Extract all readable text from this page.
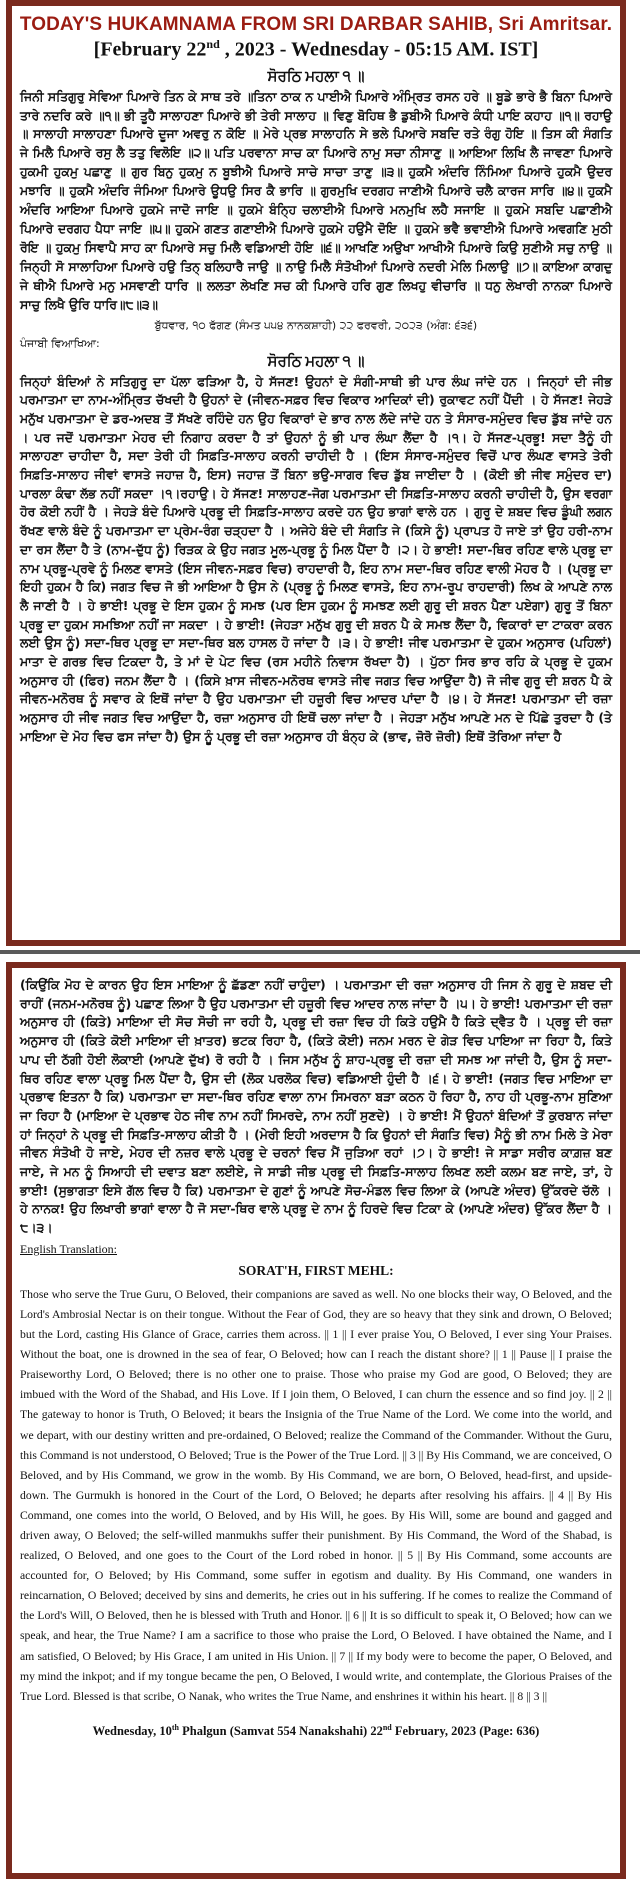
TODAY'S HUKAMNAMA FROM SRI DARBAR SAHIB, Sri Amritsar.
[February 22nd , 2023 - Wednesday - 05:15 AM. IST]
ਸੋਰਠਿ ਮਹਲਾ ੧ ॥

ਜਿਨੀ ਸਤਿਗੁਰੁ ਸੇਵਿਆ ਪਿਆਰੇ ਤਿਨ ਕੇ ਸਾਥ ਤਰੇ ॥ਤਿਨਾ ਠਾਕ ਨ ਪਾਈਐ ਪਿਆਰੇ ਅੰਮ੍ਰਿਤ ਰਸਨ ਹਰੇ ॥ ਬੂਡੇ ਭਾਰੇ ਭੈ ਬਿਨਾ ਪਿਆਰੇ ਤਾਰੇ ਨਦਰਿ ਕਰੇ ॥੧॥ ਭੀ ਤੂਹੈ ਸਾਲਾਹਣਾ ਪਿਆਰੇ ਭੀ ਤੇਰੀ ਸਾਲਾਹ ॥ ਵਿਣੁ ਬੋਹਿਥ ਭੈ ਡੁਬੀਐ ਪਿਆਰੇ ਕੰਧੀ ਪਾਇ ਕਹਾਹ ॥੧॥ ਰਹਾਉ ॥ ਸਾਲਾਹੀ ਸਾਲਾਹਣਾ ਪਿਆਰੇ ਦੂਜਾ ਅਵਰੁ ਨ ਕੋਇ ॥ ਮੇਰੇ ਪ੍ਰਭ ਸਾਲਾਹਨਿ ਸੇ ਭਲੇ ਪਿਆਰੇ ਸਬਦਿ ਰਤੇ ਰੰਗੁ ਹੋਇ ॥ ਤਿਸ ਕੀ ਸੰਗਤਿ ਜੇ ਮਿਲੈ ਪਿਆਰੇ ਰਸੁ ਲੈ ਤਤੁ ਵਿਲੋਇ ॥੨॥ ਪਤਿ ਪਰਵਾਨਾ ਸਾਚ ਕਾ ਪਿਆਰੇ ਨਾਮੁ ਸਚਾ ਨੀਸਾਣੁ ॥ ਆਇਆ ਲਿਖਿ ਲੈ ਜਾਵਣਾ ਪਿਆਰੇ ਹੁਕਮੀ ਹੁਕਮੁ ਪਛਾਣੁ ॥ ਗੁਰ ਬਿਨੁ ਹੁਕਮੁ ਨ ਬੂਝੀਐ ਪਿਆਰੇ ਸਾਚੇ ਸਾਚਾ ਤਾਣੁ ॥੩॥ ਹੁਕਮੈ ਅੰਦਰਿ ਨਿੰਮਿਆ ਪਿਆਰੇ ਹੁਕਮੈ ਉਦਰ ਮਝਾਰਿ ॥ ਹੁਕਮੈ ਅੰਦਰਿ ਜੰਮਿਆ ਪਿਆਰੇ ਊਧਉ ਸਿਰ ਕੈ ਭਾਰਿ ॥ ਗੁਰਮੁਖਿ ਦਰਗਹ ਜਾਣੀਐ ਪਿਆਰੇ ਚਲੈ ਕਾਰਜ ਸਾਰਿ ॥੪॥ ਹੁਕਮੈ ਅੰਦਰਿ ਆਇਆ ਪਿਆਰੇ ਹੁਕਮੇ ਜਾਦੋ ਜਾਇ ॥ ਹੁਕਮੇ ਬੰਨ੍ਹਿ ਚਲਾਈਐ ਪਿਆਰੇ ਮਨਮੁਖਿ ਲਹੈ ਸਜਾਇ ॥ ਹੁਕਮੇ ਸਬਦਿ ਪਛਾਣੀਐ ਪਿਆਰੇ ਦਰਗਹ ਪੈਧਾ ਜਾਇ ॥੫॥ ਹੁਕਮੇ ਗਣਤ ਗਣਾਈਐ ਪਿਆਰੇ ਹੁਕਮੇ ਹਉਮੈ ਦੋਇ ॥ ਹੁਕਮੇ ਭਵੈ ਭਵਾਈਐ ਪਿਆਰੇ ਅਵਗਣਿ ਮੁਠੀ ਰੋਇ ॥ ਹੁਕਮੁ ਸਿਞਾਪੈ ਸਾਹ ਕਾ ਪਿਆਰੇ ਸਚੁ ਮਿਲੈ ਵਡਿਆਈ ਹੋਇ ॥੬॥ ਆਖਣਿ ਅਉਖਾ ਆਖੀਐ ਪਿਆਰੇ ਕਿਉ ਸੁਣੀਐ ਸਚੁ ਨਾਉ ॥ ਜਿਨ੍ਹੀ ਸੋ ਸਾਲਾਹਿਆ ਪਿਆਰੇ ਹਉ ਤਿਨ੍ ਬਲਿਹਾਰੈ ਜਾਉ ॥ ਨਾਉ ਮਿਲੈ ਸੰਤੋਖੀਆਂ ਪਿਆਰੇ ਨਦਰੀ ਮੇਲਿ ਮਿਲਾਉ ॥੭॥ ਕਾਇਆ ਕਾਗਦੁ ਜੇ ਥੀਐ ਪਿਆਰੇ ਮਨੁ ਮਸਵਾਣੀ ਧਾਰਿ ॥ ਲਲਤਾ ਲੇਖਣਿ ਸਚ ਕੀ ਪਿਆਰੇ ਹਰਿ ਗੁਣ ਲਿਖਹੁ ਵੀਚਾਰਿ ॥ ਧਨੁ ਲੇਖਾਰੀ ਨਾਨਕਾ ਪਿਆਰੇ ਸਾਚੁ ਲਿਖੈ ਉਰਿ ਧਾਰਿ॥੮॥੩॥

ਬੁੱਧਵਾਰ, ੧੦ ਫੱਗਣ (ਸੰਮਤ ੫੫੪ ਨਾਨਕਸ਼ਾਹੀ) ੨੨ ਫਰਵਰੀ, ੨੦੨੩ (ਅੰਗ: ੬੩੬)
ਪੰਜਾਬੀ ਵਿਆਖਿਆ:
ਸੋਰਠਿ ਮਹਲਾ ੧ ॥

ਜਿਨ੍ਹਾਂ ਬੰਦਿਆਂ ਨੇ ਸਤਿਗੁਰੂ ਦਾ ਪੱਲਾ ਫੜਿਆ ਹੈ, ਹੇ ਸੱਜਣ! ਉਹਨਾਂ ਦੇ ਸੰਗੀ-ਸਾਥੀ ਭੀ ਪਾਰ ਲੰਘ ਜਾਂਦੇ ਹਨ । ਜਿਨ੍ਹਾਂ ਦੀ ਜੀਭ ਪਰਮਾਤਮਾ ਦਾ ਨਾਮ-ਅੰਮ੍ਰਿਤ ਚੱਖਦੀ ਹੈ ਉਹਨਾਂ ਦੇ (ਜੀਵਨ-ਸਫ਼ਰ ਵਿਚ ਵਿਕਾਰ ਆਦਿਕਾਂ ਦੀ) ਰੁਕਾਵਟ ਨਹੀਂ ਪੈਂਦੀ । ਹੇ ਸੱਜਣ! ਜੇਹੜੇ ਮਨੁੱਖ ਪਰਮਾਤਮਾ ਦੇ ਡਰ-ਅਦਬ ਤੋਂ ਸੱਖਣੇ ਰਹਿੰਦੇ ਹਨ ਉਹ ਵਿਕਾਰਾਂ ਦੇ ਭਾਰ ਨਾਲ ਲੱਦੇ ਜਾਂਦੇ ਹਨ ਤੇ ਸੰਸਾਰ-ਸਮੁੰਦਰ ਵਿਚ ਡੁੱਬ ਜਾਂਦੇ ਹਨ । ਪਰ ਜਦੋਂ ਪਰਮਾਤਮਾ ਮੇਹਰ ਦੀ ਨਿਗਾਹ ਕਰਦਾ ਹੈ ਤਾਂ ਉਹਨਾਂ ਨੂੰ ਭੀ ਪਾਰ ਲੰਘਾ ਲੈਂਦਾ ਹੈ ।੧। ਹੇ ਸੱਜਣ-ਪ੍ਰਭੂ! ਸਦਾ ਤੈਨੂੰ ਹੀ ਸਾਲਾਹਣਾ ਚਾਹੀਦਾ ਹੈ, ਸਦਾ ਤੇਰੀ ਹੀ ਸਿਫ਼ਤਿ-ਸਾਲਾਹ ਕਰਨੀ ਚਾਹੀਦੀ ਹੈ । (ਇਸ ਸੰਸਾਰ-ਸਮੁੰਦਰ ਵਿਚੋਂ ਪਾਰ ਲੰਘਣ ਵਾਸਤੇ ਤੇਰੀ ਸਿਫ਼ਤਿ-ਸਾਲਾਹ ਜੀਵਾਂ ਵਾਸਤੇ ਜਹਾਜ਼ ਹੈ, ਇਸ) ਜਹਾਜ਼ ਤੋਂ ਬਿਨਾ ਭਉ-ਸਾਗਰ ਵਿਚ ਡੁੱਬ ਜਾਈਦਾ ਹੈ । (ਕੋਈ ਭੀ ਜੀਵ ਸਮੁੰਦਰ ਦਾ) ਪਾਰਲਾ ਕੰਢਾ ਲੱਭ ਨਹੀਂ ਸਕਦਾ ।੧।ਰਹਾਉ। ਹੇ ਸੱਜਣ! ਸਾਲਾਹਣ-ਜੋਗ ਪਰਮਾਤਮਾ ਦੀ ਸਿਫ਼ਤਿ-ਸਾਲਾਹ ਕਰਨੀ ਚਾਹੀਦੀ ਹੈ, ਉਸ ਵਰਗਾ ਹੋਰ ਕੋਈ ਨਹੀਂ ਹੈ । ਜੇਹੜੇ ਬੰਦੇ ਪਿਆਰੇ ਪ੍ਰਭੂ ਦੀ ਸਿਫ਼ਤਿ-ਸਾਲਾਹ ਕਰਦੇ ਹਨ ਉਹ ਭਾਗਾਂ ਵਾਲੇ ਹਨ । ਗੁਰੂ ਦੇ ਸ਼ਬਦ ਵਿਚ ਡੂੰਘੀ ਲਗਨ ਰੱਖਣ ਵਾਲੇ ਬੰਦੇ ਨੂੰ ਪਰਮਾਤਮਾ ਦਾ ਪ੍ਰੇਮ-ਰੰਗ ਚੜ੍ਹਦਾ ਹੈ । ਅਜੇਹੇ ਬੰਦੇ ਦੀ ਸੰਗਤਿ ਜੇ (ਕਿਸੇ ਨੂੰ) ਪ੍ਰਾਪਤ ਹੋ ਜਾਏ ਤਾਂ ਉਹ ਹਰੀ-ਨਾਮ ਦਾ ਰਸ ਲੈਂਦਾ ਹੈ ਤੇ (ਨਾਮ-ਦੁੱਧ ਨੂੰ) ਰਿੜਕ ਕੇ ਉਹ ਜਗਤ ਮੂਲ-ਪ੍ਰਭੂ ਨੂੰ ਮਿਲ ਪੈਂਦਾ ਹੈ ।੨। ਹੇ ਭਾਈ! ਸਦਾ-ਥਿਰ ਰਹਿਣ ਵਾਲੇ ਪ੍ਰਭੂ ਦਾ ਨਾਮ ਪ੍ਰਭੂ-ਪ੍ਰਵੇ ਨੂੰ ਮਿਲਣ ਵਾਸਤੇ (ਇਸ ਜੀਵਨ-ਸਫ਼ਰ ਵਿਚ) ਰਾਹਦਾਰੀ ਹੈ, ਇਹ ਨਾਮ ਸਦਾ-ਥਿਰ ਰਹਿਣ ਵਾਲੀ ਮੋਹਰ ਹੈ । (ਪ੍ਰਭੂ ਦਾ ਇਹੀ ਹੁਕਮ ਹੈ ਕਿ) ਜਗਤ ਵਿਚ ਜੋ ਭੀ ਆਇਆ ਹੈ ਉਸ ਨੇ (ਪ੍ਰਭੂ ਨੂੰ ਮਿਲਣ ਵਾਸਤੇ, ਇਹ ਨਾਮ-ਰੂਪ ਰਾਹਦਾਰੀ) ਲਿਖ ਕੇ ਆਪਣੇ ਨਾਲ ਲੈ ਜਾਣੀ ਹੈ । ਹੇ ਭਾਈ! ਪ੍ਰਭੂ ਦੇ ਇਸ ਹੁਕਮ ਨੂੰ ਸਮਝ (ਪਰ ਇਸ ਹੁਕਮ ਨੂੰ ਸਮਝਣ ਲਈ ਗੁਰੂ ਦੀ ਸ਼ਰਨ ਪੈਣਾ ਪਏਗਾ) ਗੁਰੂ ਤੋਂ ਬਿਨਾ ਪ੍ਰਭੂ ਦਾ ਹੁਕਮ ਸਮਝਿਆ ਨਹੀਂ ਜਾ ਸਕਦਾ । ਹੇ ਭਾਈ! (ਜੇਹੜਾ ਮਨੁੱਖ ਗੁਰੂ ਦੀ ਸ਼ਰਨ ਪੈ ਕੇ ਸਮਝ ਲੈਂਦਾ ਹੈ, ਵਿਕਾਰਾਂ ਦਾ ਟਾਕਰਾ ਕਰਨ ਲਈ ਉਸ ਨੂੰ) ਸਦਾ-ਥਿਰ ਪ੍ਰਭੂ ਦਾ ਸਦਾ-ਥਿਰ ਬਲ ਹਾਸਲ ਹੋ ਜਾਂਦਾ ਹੈ ।੩। ਹੇ ਭਾਈ! ਜੀਵ ਪਰਮਾਤਮਾ ਦੇ ਹੁਕਮ ਅਨੁਸਾਰ (ਪਹਿਲਾਂ) ਮਾਤਾ ਦੇ ਗਰਭ ਵਿਚ ਟਿਕਦਾ ਹੈ, ਤੇ ਮਾਂ ਦੇ ਪੇਟ ਵਿਚ (ਰਸ ਮਹੀਨੇ ਨਿਵਾਸ ਰੱਖਦਾ ਹੈ) । ਪੁੱਠਾ ਸਿਰ ਭਾਰ ਰਹਿ ਕੇ ਪ੍ਰਭੂ ਦੇ ਹੁਕਮ ਅਨੁਸਾਰ ਹੀ (ਫਿਰ) ਜਨਮ ਲੈਂਦਾ ਹੈ । (ਕਿਸੇ ਖ਼ਾਸ ਜੀਵਨ-ਮਨੋਰਥ ਵਾਸਤੇ ਜੀਵ ਜਗਤ ਵਿਚ ਆਉਂਦਾ ਹੈ) ਜੋ ਜੀਵ ਗੁਰੂ ਦੀ ਸ਼ਰਨ ਪੈ ਕੇ ਜੀਵਨ-ਮਨੋਰਥ ਨੂੰ ਸਵਾਰ ਕੇ ਇਥੋਂ ਜਾਂਦਾ ਹੈ ਉਹ ਪਰਮਾਤਮਾ ਦੀ ਹਜ਼ੂਰੀ ਵਿਚ ਆਦਰ ਪਾਂਦਾ ਹੈ ।੪। ਹੇ ਸੱਜਣ! ਪਰਮਾਤਮਾ ਦੀ ਰਜ਼ਾ ਅਨੁਸਾਰ ਹੀ ਜੀਵ ਜਗਤ ਵਿਚ ਆਉਂਦਾ ਹੈ, ਰਜ਼ਾ ਅਨੁਸਾਰ ਹੀ ਇਥੋਂ ਚਲਾ ਜਾਂਦਾ ਹੈ । ਜੇਹੜਾ ਮਨੁੱਖ ਆਪਣੇ ਮਨ ਦੇ ਪਿੱਛੇ ਤੁਰਦਾ ਹੈ (ਤੇ ਮਾਇਆ ਦੇ ਮੋਹ ਵਿਚ ਫਸ ਜਾਂਦਾ ਹੈ) ਉਸ ਨੂੰ ਪ੍ਰਭੂ ਦੀ ਰਜ਼ਾ ਅਨੁਸਾਰ ਹੀ ਬੰਨ੍ਹ ਕੇ (ਭਾਵ, ਜ਼ੋਰੋ ਜ਼ੋਰੀ) ਇਥੋਂ ਤੋਰਿਆ ਜਾਂਦਾ ਹੈ

(ਕਿਉਂਕਿ ਮੋਹ ਦੇ ਕਾਰਨ ਉਹ ਇਸ ਮਾਇਆ ਨੂੰ ਛੱਡਣਾ ਨਹੀਂ ਚਾਹੁੰਦਾ) । ਪਰਮਾਤਮਾ ਦੀ ਰਜ਼ਾ ਅਨੁਸਾਰ ਹੀ ਜਿਸ ਨੇ ਗੁਰੂ ਦੇ ਸ਼ਬਦ ਦੀ ਰਾਹੀਂ (ਜਨਮ-ਮਨੋਰਥ ਨੂੰ) ਪਛਾਣ ਲਿਆ ਹੈ ਉਹ ਪਰਮਾਤਮਾ ਦੀ ਹਜ਼ੂਰੀ ਵਿਚ ਆਦਰ ਨਾਲ ਜਾਂਦਾ ਹੈ ।੫। ਹੇ ਭਾਈ! ਪਰਮਾਤਮਾ ਦੀ ਰਜ਼ਾ ਅਨੁਸਾਰ ਹੀ (ਕਿਤੇ) ਮਾਇਆ ਦੀ ਸੋਚ ਸੋਚੀ ਜਾ ਰਹੀ ਹੈ, ਪ੍ਰਭੂ ਦੀ ਰਜ਼ਾ ਵਿਚ ਹੀ ਕਿਤੇ ਹਉਮੈ ਹੈ ਕਿਤੇ ਦ੍ਵੈਤ ਹੈ । ਪ੍ਰਭੂ ਦੀ ਰਜ਼ਾ ਅਨੁਸਾਰ ਹੀ (ਕਿਤੇ ਕੋਈ ਮਾਇਆ ਦੀ ਖ਼ਾਤਰ) ਭਟਕ ਰਿਹਾ ਹੈ, (ਕਿਤੇ ਕੋਈ) ਜਨਮ ਮਰਨ ਦੇ ਗੇੜ ਵਿਚ ਪਾਇਆ ਜਾ ਰਿਹਾ ਹੈ, ਕਿਤੇ ਪਾਪ ਦੀ ਠੱਗੀ ਹੋਈ ਲੋਕਾਈ (ਆਪਣੇ ਦੁੱਖ) ਰੋ ਰਹੀ ਹੈ । ਜਿਸ ਮਨੁੱਖ ਨੂੰ ਸ਼ਾਹ-ਪ੍ਰਭੂ ਦੀ ਰਜ਼ਾ ਦੀ ਸਮਝ ਆ ਜਾਂਦੀ ਹੈ, ਉਸ ਨੂੰ ਸਦਾ-ਥਿਰ ਰਹਿਣ ਵਾਲਾ ਪ੍ਰਭੂ ਮਿਲ ਪੈਂਦਾ ਹੈ, ਉਸ ਦੀ (ਲੋਕ ਪਰਲੋਕ ਵਿਚ) ਵਡਿਆਈ ਹੁੰਦੀ ਹੈ ।੬। ਹੇ ਭਾਈ! (ਜਗਤ ਵਿਚ ਮਾਇਆ ਦਾ ਪ੍ਰਭਾਵ ਇਤਨਾ ਹੈ ਕਿ) ਪਰਮਾਤਮਾ ਦਾ ਸਦਾ-ਥਿਰ ਰਹਿਣ ਵਾਲਾ ਨਾਮ ਸਿਮਰਨਾ ਬੜਾ ਕਠਨ ਹੋ ਰਿਹਾ ਹੈ, ਨਾਹ ਹੀ ਪ੍ਰਭੂ-ਨਾਮ ਸੁਣਿਆ ਜਾ ਰਿਹਾ ਹੈ (ਮਾਇਆ ਦੇ ਪ੍ਰਭਾਵ ਹੇਠ ਜੀਵ ਨਾਮ ਨਹੀਂ ਸਿਮਰਦੇ, ਨਾਮ ਨਹੀਂ ਸੁਣਦੇ) । ਹੇ ਭਾਈ! ਮੈਂ ਉਹਨਾਂ ਬੰਦਿਆਂ ਤੋਂ ਕੁਰਬਾਨ ਜਾਂਦਾ ਹਾਂ ਜਿਨ੍ਹਾਂ ਨੇ ਪ੍ਰਭੂ ਦੀ ਸਿਫ਼ਤਿ-ਸਾਲਾਹ ਕੀਤੀ ਹੈ । (ਮੇਰੀ ਇਹੀ ਅਰਦਾਸ ਹੈ ਕਿ ਉਹਨਾਂ ਦੀ ਸੰਗਤਿ ਵਿਚ) ਮੈਨੂੰ ਭੀ ਨਾਮ ਮਿਲੇ ਤੇ ਮੇਰਾ ਜੀਵਨ ਸੰਤੋਖੀ ਹੋ ਜਾਏ, ਮੇਹਰ ਦੀ ਨਜ਼ਰ ਵਾਲੇ ਪ੍ਰਭੂ ਦੇ ਚਰਨਾਂ ਵਿਚ ਮੈਂ ਜੁੜਿਆ ਰਹਾਂ ।੭। ਹੇ ਭਾਈ! ਜੇ ਸਾਡਾ ਸਰੀਰ ਕਾਗ਼ਜ਼ ਬਣ ਜਾਏ, ਜੇ ਮਨ ਨੂੰ ਸਿਆਹੀ ਦੀ ਦਵਾਤ ਬਣਾ ਲਈਏ, ਜੇ ਸਾਡੀ ਜੀਭ ਪ੍ਰਭੂ ਦੀ ਸਿਫ਼ਤਿ-ਸਾਲਾਹ ਲਿਖਣ ਲਈ ਕਲਮ ਬਣ ਜਾਏ, ਤਾਂ, ਹੇ ਭਾਈ! (ਸੁਭਾਗਤਾ ਇਸੇ ਗੱਲ ਵਿਚ ਹੈ ਕਿ) ਪਰਮਾਤਮਾ ਦੇ ਗੁਣਾਂ ਨੂੰ ਆਪਣੇ ਸੋਚ-ਮੰਡਲ ਵਿਚ ਲਿਆ ਕੇ (ਆਪਣੇ ਅੰਦਰ) ਉੱਕਰਦੇ ਚੱਲੋ । ਹੇ ਨਾਨਕ! ਉਹ ਲਿਖਾਰੀ ਭਾਗਾਂ ਵਾਲਾ ਹੈ ਜੋ ਸਦਾ-ਥਿਰ ਵਾਲੇ ਪ੍ਰਭੂ ਦੇ ਨਾਮ ਨੂੰ ਹਿਰਦੇ ਵਿਚ ਟਿਕਾ ਕੇ (ਆਪਣੇ ਅੰਦਰ) ਉੱਕਰ ਲੈਂਦਾ ਹੈ ।੮।੩।

English Translation:
SORAT'H, FIRST MEHL:

Those who serve the True Guru, O Beloved, their companions are saved as well. No one blocks their way, O Beloved, and the Lord's Ambrosial Nectar is on their tongue. Without the Fear of God, they are so heavy that they sink and drown, O Beloved; but the Lord, casting His Glance of Grace, carries them across. || 1 || I ever praise You, O Beloved, I ever sing Your Praises. Without the boat, one is drowned in the sea of fear, O Beloved; how can I reach the distant shore? || 1 || Pause || I praise the Praiseworthy Lord, O Beloved; there is no other one to praise. Those who praise my God are good, O Beloved; they are imbued with the Word of the Shabad, and His Love. If I join them, O Beloved, I can churn the essence and so find joy. || 2 || The gateway to honor is Truth, O Beloved; it bears the Insignia of the True Name of the Lord. We come into the world, and we depart, with our destiny written and pre-ordained, O Beloved; realize the Command of the Commander. Without the Guru, this Command is not understood, O Beloved; True is the Power of the True Lord. || 3 || By His Command, we are conceived, O Beloved, and by His Command, we grow in the womb. By His Command, we are born, O Beloved, head-first, and upside-down. The Gurmukh is honored in the Court of the Lord, O Beloved; he departs after resolving his affairs. || 4 || By His Command, one comes into the world, O Beloved, and by His Will, he goes. By His Will, some are bound and gagged and driven away, O Beloved; the self-willed manmukhs suffer their punishment. By His Command, the Word of the Shabad, is realized, O Beloved, and one goes to the Court of the Lord robed in honor. || 5 || By His Command, some accounts are accounted for, O Beloved; by His Command, some suffer in egotism and duality. By His Command, one wanders in reincarnation, O Beloved; deceived by sins and demerits, he cries out in his suffering. If he comes to realize the Command of the Lord's Will, O Beloved, then he is blessed with Truth and Honor. || 6 || It is so difficult to speak it, O Beloved; how can we speak, and hear, the True Name? I am a sacrifice to those who praise the Lord, O Beloved. I have obtained the Name, and I am satisfied, O Beloved; by His Grace, I am united in His Union. || 7 || If my body were to become the paper, O Beloved, and my mind the inkpot; and if my tongue became the pen, O Beloved, I would write, and contemplate, the Glorious Praises of the True Lord. Blessed is that scribe, O Nanak, who writes the True Name, and enshrines it within his heart. || 8 || 3 ||

Wednesday, 10th Phalgun (Samvat 554 Nanakshahi) 22nd February, 2023 (Page: 636)
